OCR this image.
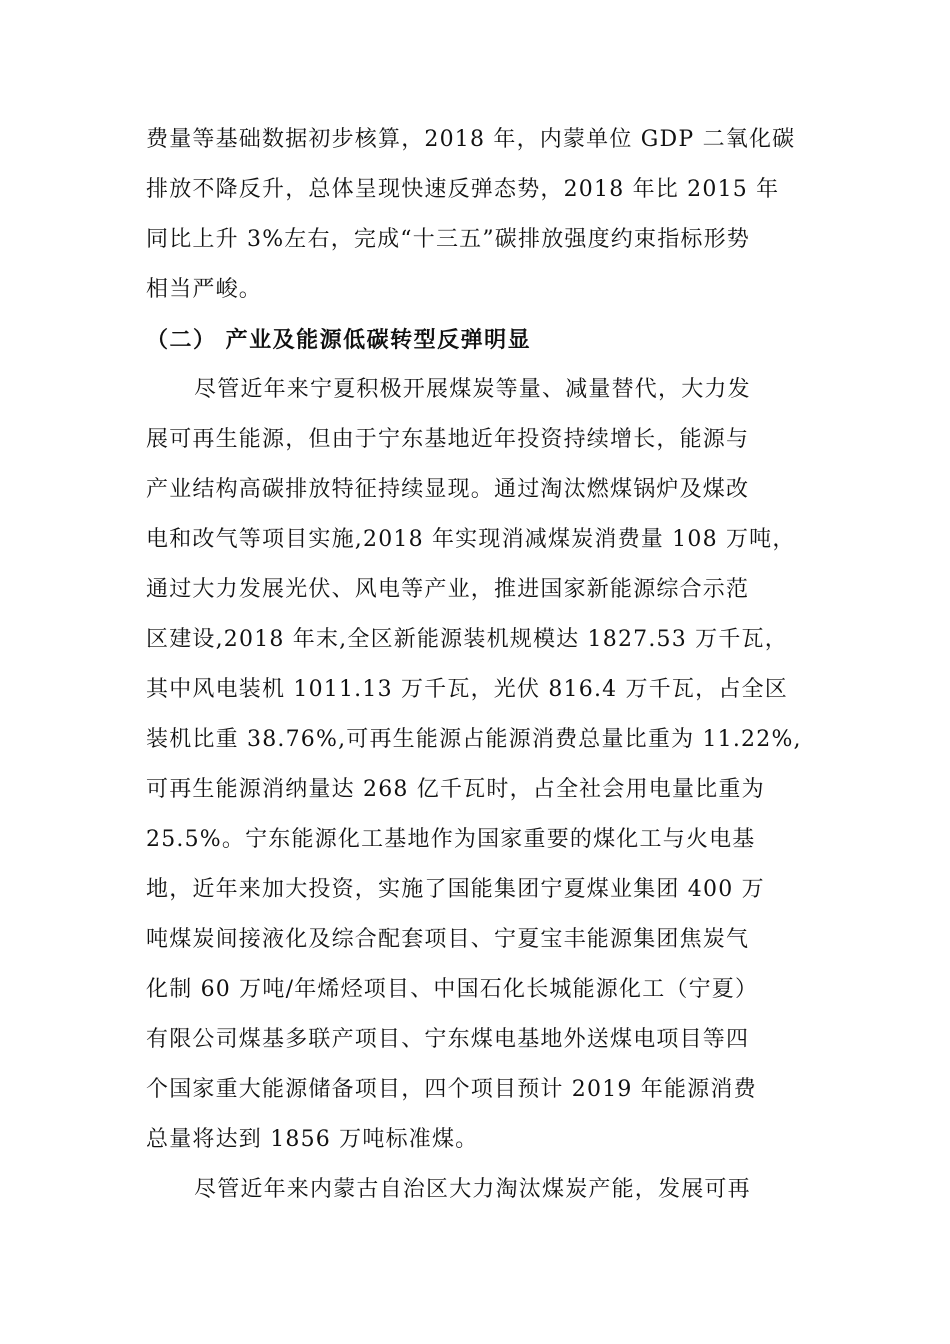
费量等基础数据初步核算，2018 年，内蒙单位 GDP 二氧化碳
排放不降反升，总体呈现快速反弹态势，2018 年比 2015 年
同比上升 3%左右，完成“十三五”碳排放强度约束指标形势
相当严峻。
（二） 产业及能源低碳转型反弹明显
尽管近年来宁夏积极开展煤炭等量、减量替代，大力发
展可再生能源，但由于宁东基地近年投资持续增长，能源与
产业结构高碳排放特征持续显现。通过淘汰燃煤锅炉及煤改
电和改气等项目实施,2018 年实现消减煤炭消费量 108 万吨，
通过大力发展光伏、风电等产业，推进国家新能源综合示范
区建设,2018 年末,全区新能源装机规模达 1827.53 万千瓦，
其中风电装机 1011.13 万千瓦，光伏 816.4 万千瓦，占全区
装机比重 38.76%,可再生能源占能源消费总量比重为 11.22%,
可再生能源消纳量达 268 亿千瓦时，占全社会用电量比重为
25.5%。宁东能源化工基地作为国家重要的煤化工与火电基
地，近年来加大投资，实施了国能集团宁夏煤业集团 400 万
吨煤炭间接液化及综合配套项目、宁夏宝丰能源集团焦炭气
化制 60 万吨/年烯烃项目、中国石化长城能源化工（宁夏）
有限公司煤基多联产项目、宁东煤电基地外送煤电项目等四
个国家重大能源储备项目，四个项目预计 2019 年能源消费
总量将达到 1856 万吨标准煤。
尽管近年来内蒙古自治区大力淘汰煤炭产能，发展可再
